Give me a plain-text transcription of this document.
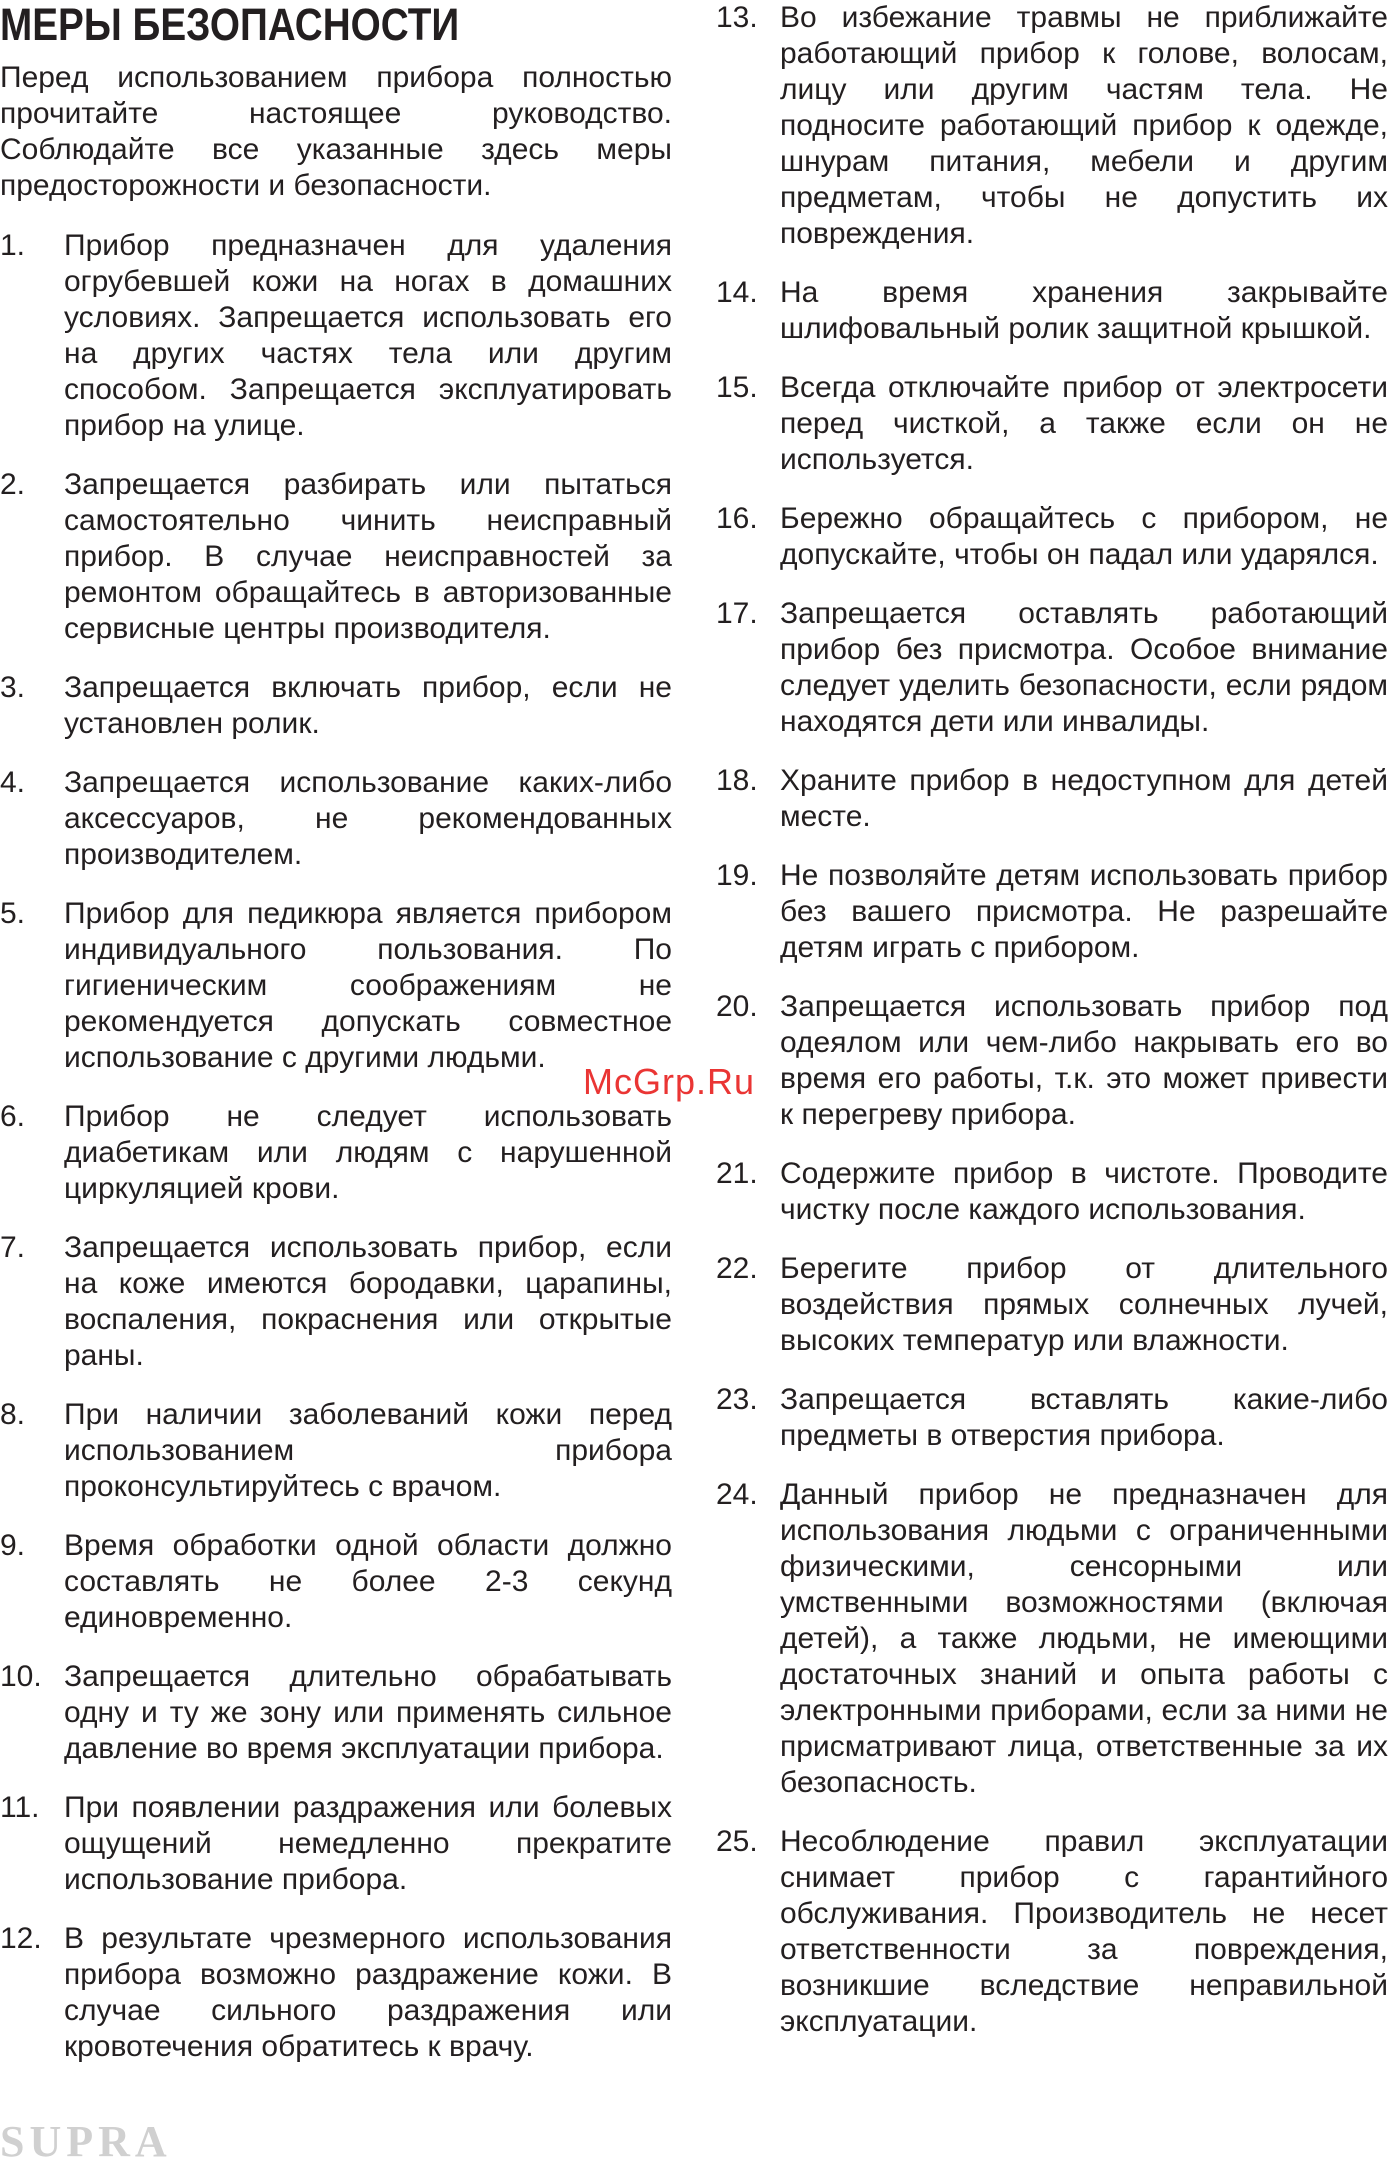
МЕРЫ БЕЗОПАСНОСТИ

Перед использованием прибора полностью прочитайте настоящее руководство. Соблюдайте все указанные здесь меры предосторожности и безопасности.

1.	Прибор предназначен для удаления огрубевшей кожи на ногах в домашних условиях. Запрещается использовать его на других частях тела или другим способом. Запрещается эксплуатировать прибор на улице.
2.	Запрещается разбирать или пытаться самостоятельно чинить неисправный прибор. В случае неисправностей за ремонтом обращайтесь в авторизованные сервисные центры производителя.
3.	Запрещается включать прибор, если не установлен ролик.
4.	Запрещается использование каких-либо аксессуаров, не рекомендованных производителем.
5.	Прибор для педикюра является прибором индивидуального пользования. По гигиеническим соображениям не рекомендуется допускать совместное использование с другими людьми.
6.	Прибор не следует использовать диабетикам или людям с нарушенной циркуляцией крови.
7.	Запрещается использовать прибор, если на коже имеются бородавки, царапины, воспаления, покраснения или открытые раны.
8.	При наличии заболеваний кожи перед использованием прибора проконсультируйтесь с врачом.
9.	Время обработки одной области должно составлять не более 2-3 секунд единовременно.
10. Запрещается длительно обрабатывать одну и ту же зону или применять сильное давление во время эксплуатации прибора.
11. При появлении раздражения или болевых ощущений немедленно прекратите использование прибора.
12. В результате чрезмерного использования прибора возможно раздражение кожи. В случае сильного раздражения или кровотечения обратитесь к врачу.
13. Во избежание травмы не приближайте работающий прибор к голове, волосам, лицу или другим частям тела. Не подносите работающий прибор к одежде, шнурам питания, мебели и другим предметам, чтобы не допустить их повреждения.
14. На время хранения закрывайте шлифовальный ролик защитной крышкой.
15. Всегда отключайте прибор от электросети перед чисткой, а также если он не используется.
16. Бережно обращайтесь с прибором, не допускайте, чтобы он падал или ударялся.
17. Запрещается оставлять работающий прибор без присмотра. Особое внимание следует уделить безопасности, если рядом находятся дети или инвалиды.
18. Храните прибор в недоступном для детей месте.
19. Не позволяйте детям использовать прибор без вашего присмотра. Не разрешайте детям играть с прибором.
20. Запрещается использовать прибор под одеялом или чем-либо накрывать его во время его работы, т.к. это может привести к перегреву прибора.
21. Содержите прибор в чистоте. Проводите чистку после каждого использования.
22. Берегите прибор от длительного воздействия прямых солнечных лучей, высоких температур или влажности.
23. Запрещается вставлять какие-либо предметы в отверстия прибора.
24. Данный прибор не предназначен для использования людьми с ограниченными физическими, сенсорными или умственными возможностями (включая детей), а также людьми, не имеющими достаточных знаний и опыта работы с электронными приборами, если за ними не присматривают лица, ответственные за их безопасность.
25. Несоблюдение правил эксплуатации снимает прибор с гарантийного обслуживания. Производитель не несет ответственности за повреждения, возникшие вследствие неправильной эксплуатации.
McGrp.Ru
SUPRA
